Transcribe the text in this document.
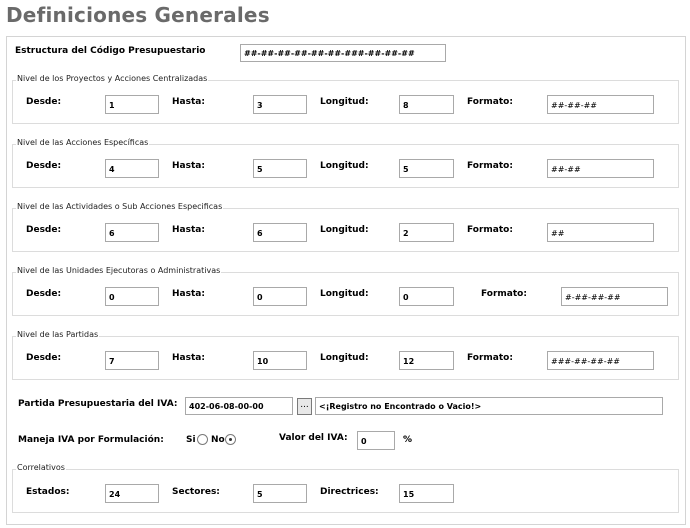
Definiciones Generales
Estructura del Código Presupuestario	##-##-##-##-##-##-###-##-##-##
Nivel de los Proyectos y Acciones Centralizadas
Desde:	1	Hasta:	3	Longitud:	8	Formato:	##-##-##
Nivel de las Acciones Específicas
Desde:	4	Hasta:	5	Longitud:	5	Formato:	##-##
Nivel de las Actividades o Sub Acciones Especificas
Desde:	6	Hasta:	6	Longitud:	2	Formato:	##
Nivel de las Unidades Ejecutoras o Administrativas
Desde:	0	Hasta:	0	Longitud:	0	Formato:	#-##-##-##
Nivel de las Partidas
Desde:	7	Hasta:	10	Longitud:	12	Formato:	###-##-##-##
Partida Presupuestaria del IVA:	402-06-08-00-00	...	<¡Registro no Encontrado o Vacio!>
Maneja IVA por Formulación: Si No	Valor del IVA:	0	%
Correlativos
Estados:	24	Sectores:	5	Directrices:	15
